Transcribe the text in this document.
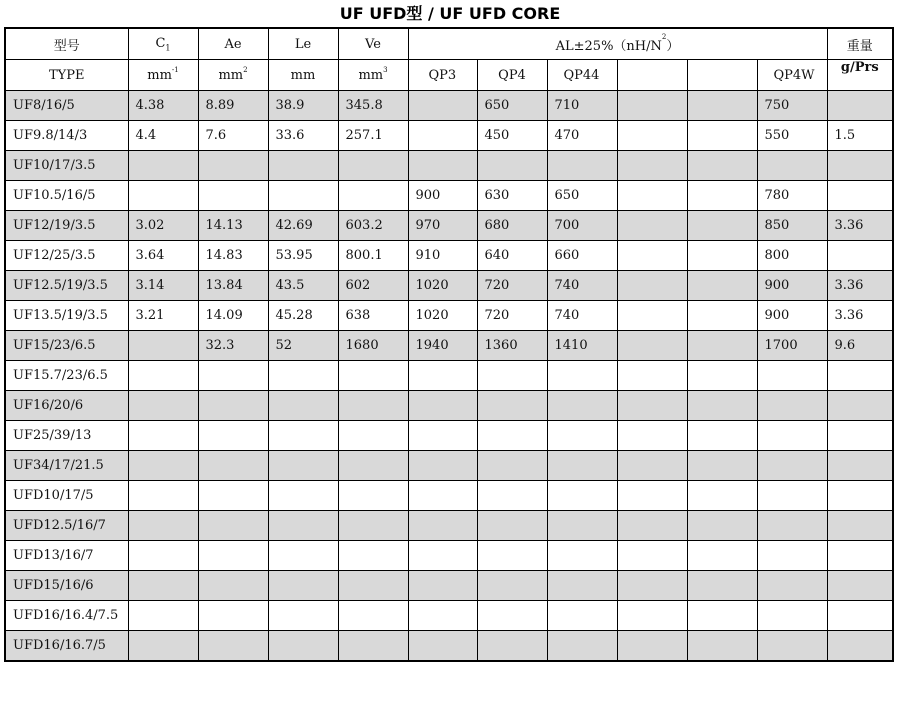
UF UFD型 / UF UFD CORE
型号	$C_1$	Ae	Le	Ve	$AL\pm 25\%(nH/N^2)$						重量
TYPE	$mm^{-1}$	$mm^2$	mm	$mm^3$	QP3	QP4	QP44			QP4W	g/Prs
UF8/16/5	4.38	8.89	38.9	345.8		650	710			750	
UF9.8/14/3	4.4	7.6	33.6	257.1		450	470			550	1.5
UF10/17/3.5											
UF10.5/16/5					900	630	650			780	
UF12/19/3.5	3.02	14.13	42.69	603.2	970	680	700			850	3.36
UF12/25/3.5	3.64	14.83	53.95	800.1	910	640	660			800	
UF12.5/19/3.5	3.14	13.84	43.5	602	1020	720	740			900	3.36
UF13.5/19/3.5	3.21	14.09	45.28	638	1020	720	740			900	3.36
UF15/23/6.5		32.3	52	1680	1940	1360	1410			1700	9.6
UF15.7/23/6.5											
UF16/20/6											
UF25/39/13											
UF34/17/21.5											
UFD10/17/5											
UFD12.5/16/7											
UFD13/16/7											
UFD15/16/6											
UFD16/16.4/7.5											
UFD16/16.7/5											
